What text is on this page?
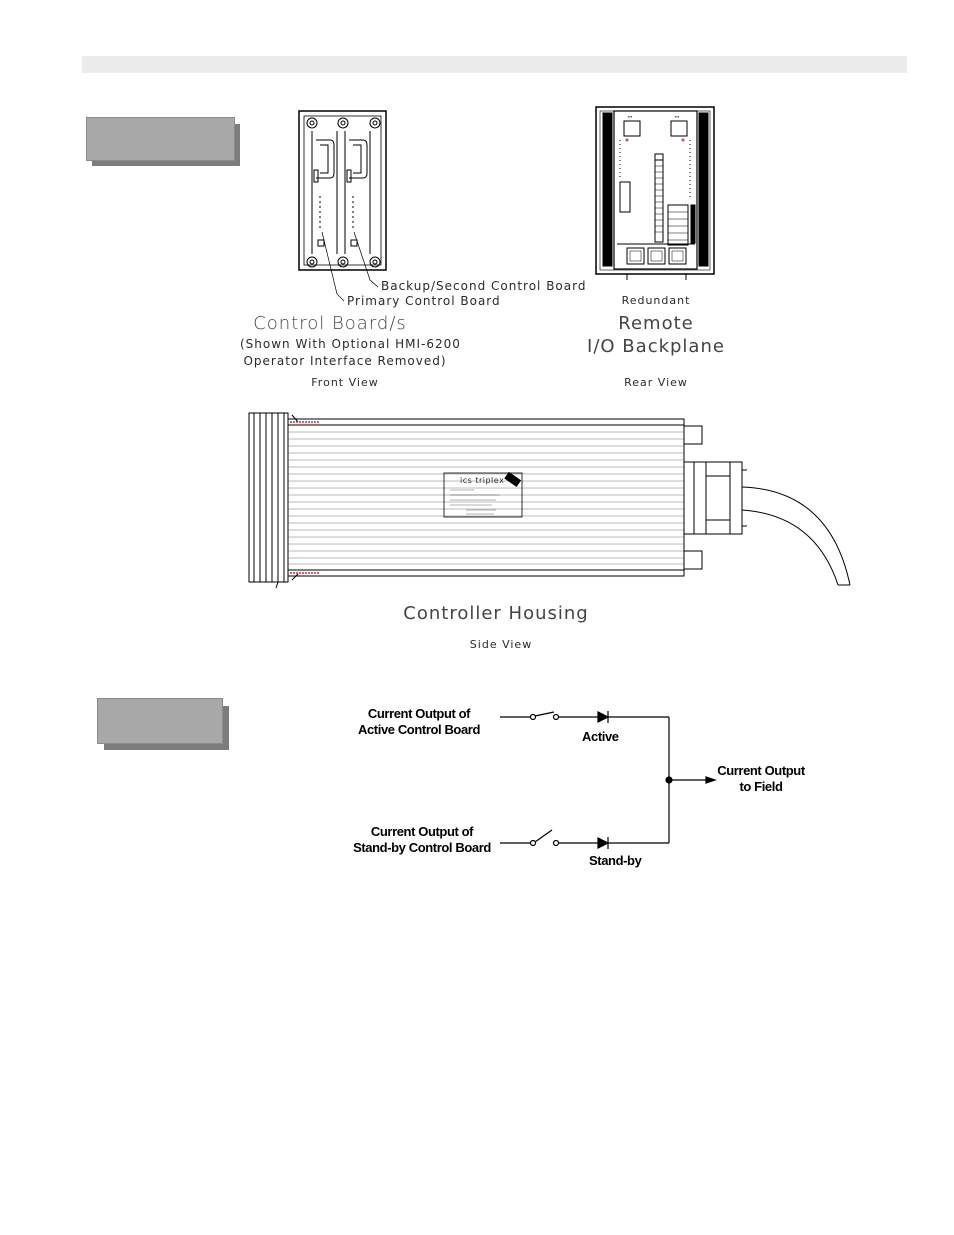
▪▪▪	▪▪▪
Backup/Second Control Board
Primary Control Board
Control Board/s
(Shown With Optional HMI-6200
Operator Interface Removed)
Front View
Redundant
Remote
I/O Backplane
Rear View
ics triplex
Controller Housing
Side View
Current Output of
Active Control Board	Active
Current Output
to Field
Current Output of
Stand-by Control Board
Stand-by
